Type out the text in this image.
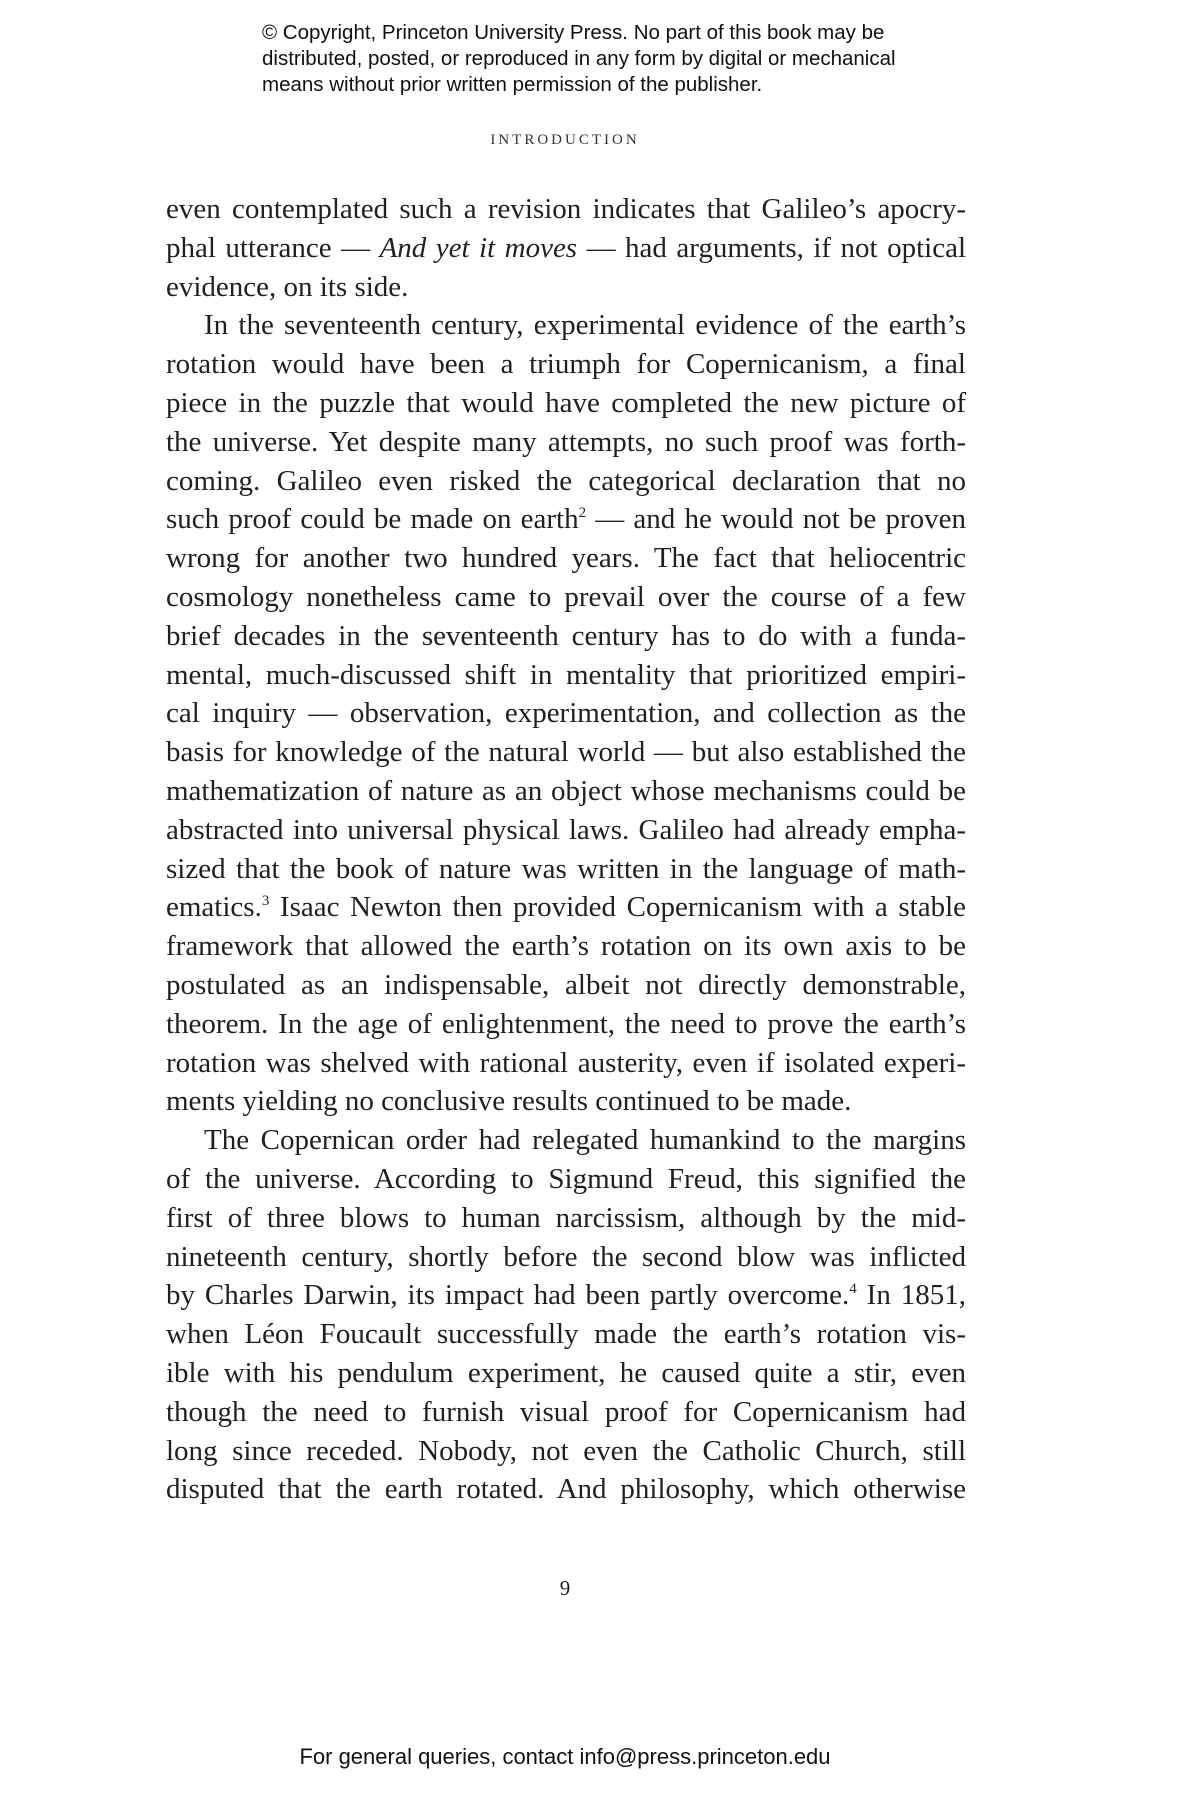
© Copyright, Princeton University Press. No part of this book may be
distributed, posted, or reproduced in any form by digital or mechanical
means without prior written permission of the publisher.
INTRODUCTION
even contemplated such a revision indicates that Galileo’s apocry-
phal utterance — And yet it moves — had arguments, if not optical
evidence, on its side.
In the seventeenth century, experimental evidence of the earth’s
rotation would have been a triumph for Copernicanism, a final
piece in the puzzle that would have completed the new picture of
the universe. Yet despite many attempts, no such proof was forth-
coming. Galileo even risked the categorical declaration that no
such proof could be made on earth$^2$ — and he would not be proven
wrong for another two hundred years. The fact that heliocentric
cosmology nonetheless came to prevail over the course of a few
brief decades in the seventeenth century has to do with a funda-
mental, much-discussed shift in mentality that prioritized empiri-
cal inquiry — observation, experimentation, and collection as the
basis for knowledge of the natural world — but also established the
mathematization of nature as an object whose mechanisms could be
abstracted into universal physical laws. Galileo had already empha-
sized that the book of nature was written in the language of math-
ematics.$^3$ Isaac Newton then provided Copernicanism with a stable
framework that allowed the earth’s rotation on its own axis to be
postulated as an indispensable, albeit not directly demonstrable,
theorem. In the age of enlightenment, the need to prove the earth’s
rotation was shelved with rational austerity, even if isolated experi-
ments yielding no conclusive results continued to be made.
The Copernican order had relegated humankind to the margins
of the universe. According to Sigmund Freud, this signified the
first of three blows to human narcissism, although by the mid-
nineteenth century, shortly before the second blow was inflicted
by Charles Darwin, its impact had been partly overcome.$^4$ In 1851,
when Léon Foucault successfully made the earth’s rotation vis-
ible with his pendulum experiment, he caused quite a stir, even
though the need to furnish visual proof for Copernicanism had
long since receded. Nobody, not even the Catholic Church, still
disputed that the earth rotated. And philosophy, which otherwise
9
For general queries, contact info@press.princeton.edu
